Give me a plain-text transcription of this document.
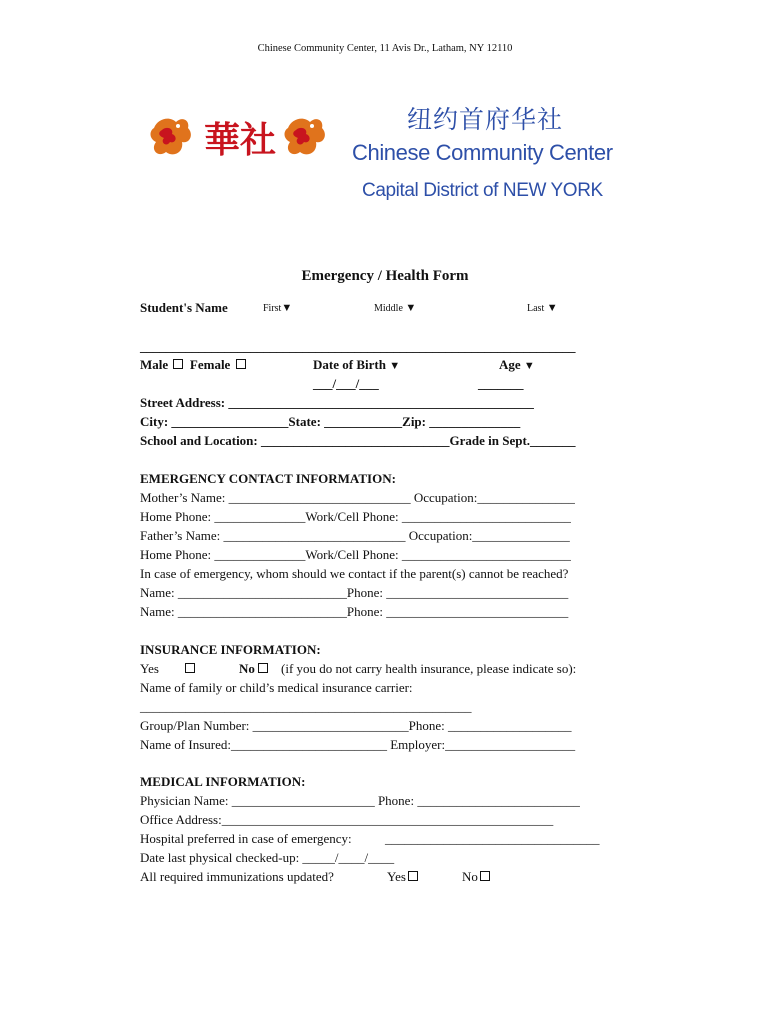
Chinese Community Center, 11 Avis Dr., Latham, NY 12110
華社
纽约首府华社
Chinese Community Center
Capital District of NEW YORK
Emergency / Health Form
Student's Name	First▼	Middle ▼	Last ▼
___________________________________________________________________
Male Female	Date of Birth ▼	Age ▼
___/___/___	_______
Street Address: _______________________________________________
City: __________________State: ____________Zip: ______________
School and Location: _____________________________Grade in Sept._______
EMERGENCY CONTACT INFORMATION:
Mother’s Name: ____________________________ Occupation:_______________
Home Phone: ______________Work/Cell Phone: __________________________
Father’s Name: ____________________________ Occupation:_______________
Home Phone: ______________Work/Cell Phone: __________________________
In case of emergency, whom should we contact if the parent(s) cannot be reached?
Name: __________________________Phone: ____________________________
Name: __________________________Phone: ____________________________
INSURANCE INFORMATION:
Yes	No (if you do not carry health insurance, please indicate so):
Name of family or child’s medical insurance carrier:
___________________________________________________
Group/Plan Number: ________________________Phone: ___________________
Name of Insured:________________________ Employer:____________________
MEDICAL INFORMATION:
Physician Name: ______________________ Phone: _________________________
Office Address:___________________________________________________
Hospital preferred in case of emergency:	_________________________________
Date last physical checked-up: _____/____/____
All required immunizations updated?	Yes	No
